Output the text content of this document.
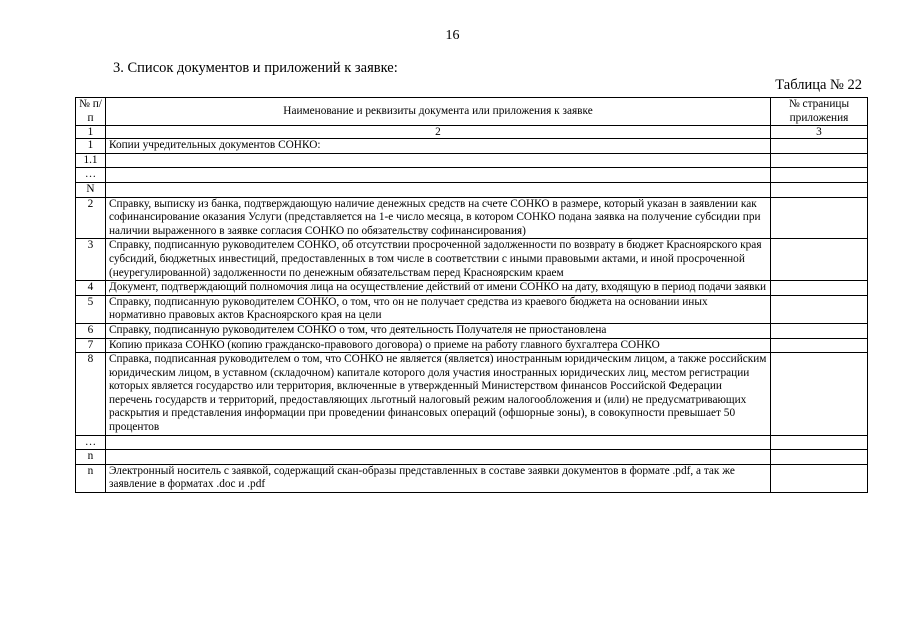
16
3. Список документов и приложений к заявке:
Таблица № 22
№ п/п	Наименование и реквизиты документа или приложения к заявке	№ страницы приложения
1	2	3
1	Копии учредительных документов СОНКО:	
1.1		
…		
N		
2	Справку, выписку из банка, подтверждающую наличие денежных средств на счете СОНКО в размере, который указан в заявлении как софинансирование оказания Услуги (представляется на 1-е число месяца, в котором СОНКО подана заявка на получение субсидии при наличии выраженного в заявке согласия СОНКО по обязательству софинансирования)	
3	Справку, подписанную руководителем СОНКО, об отсутствии просроченной задолженности по возврату в бюджет Красноярского края субсидий, бюджетных инвестиций, предоставленных в том числе в соответствии с иными правовыми актами, и иной просроченной (неурегулированной) задолженности по денежным обязательствам перед Красноярским краем	
4	Документ, подтверждающий полномочия лица на осуществление действий от имени СОНКО на дату, входящую в период подачи заявки	
5	Справку, подписанную руководителем СОНКО, о том, что он не получает средства из краевого бюджета на основании иных нормативно правовых актов Красноярского края на цели	
6	Справку, подписанную руководителем СОНКО о том, что деятельность Получателя не приостановлена	
7	Копию приказа СОНКО (копию гражданско-правового договора) о приеме на работу главного бухгалтера СОНКО	
8	Справка, подписанная руководителем о том, что СОНКО не является (является) иностранным юридическим лицом, а также российским юридическим лицом, в уставном (складочном) капитале которого доля участия иностранных юридических лиц, местом регистрации которых является государство или территория, включенные в утвержденный Министерством финансов Российской Федерации перечень государств и территорий, предоставляющих льготный налоговый режим налогообложения и (или) не предусматривающих раскрытия и представления информации при проведении финансовых операций (офшорные зоны), в совокупности превышает 50 процентов	
…		
n		
n	Электронный носитель с заявкой, содержащий скан-образы представленных в составе заявки документов в формате .pdf, а так же заявление в форматах .doc и .pdf	
